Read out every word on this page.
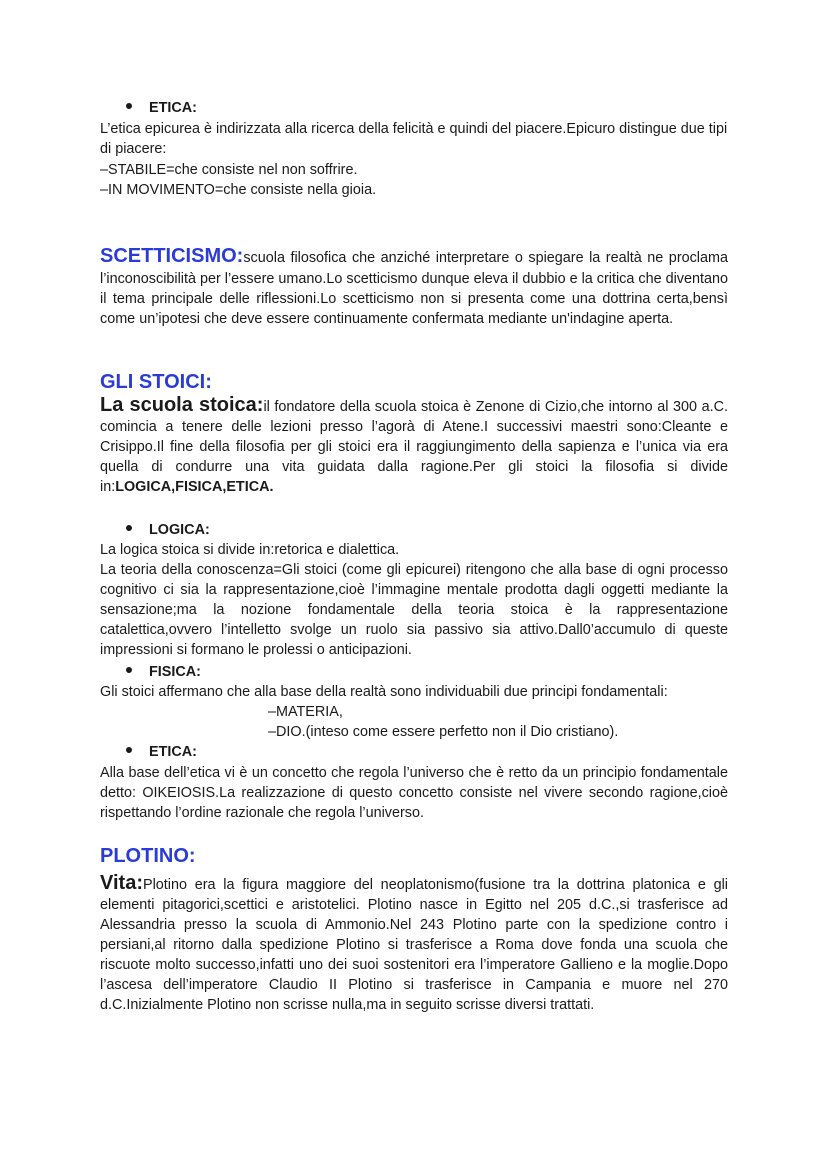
ETICA:
L’etica epicurea è indirizzata alla ricerca della felicità e quindi del piacere.Epicuro distingue due tipi di piacere:
–STABILE=che consiste nel non soffrire.
–IN MOVIMENTO=che consiste nella gioia.
SCETTICISMO:scuola filosofica che anziché interpretare o spiegare la realtà ne proclama l’inconoscibilità per l’essere umano.Lo scetticismo dunque eleva il dubbio e la critica che diventano il tema principale delle riflessioni.Lo scetticismo non si presenta come una dottrina certa,bensì come un’ipotesi che deve essere continuamente confermata mediante un'indagine aperta.
GLI STOICI:
La scuola stoica:il fondatore della scuola stoica è Zenone di Cizio,che intorno al 300 a.C. comincia a tenere delle lezioni presso l’agorà di Atene.I successivi maestri sono:Cleante e Crisippo.Il fine della filosofia per gli stoici era il raggiungimento della sapienza e l’unica via era quella di condurre una vita guidata dalla ragione.Per gli stoici la filosofia si divide in:LOGICA,FISICA,ETICA.
LOGICA:
La logica stoica si divide in:retorica e dialettica.
La teoria della conoscenza=Gli stoici (come gli epicurei) ritengono che alla base di ogni processo cognitivo ci sia la rappresentazione,cioè l’immagine mentale prodotta dagli oggetti mediante la sensazione;ma la nozione fondamentale della teoria stoica è la rappresentazione catalettica,ovvero l’intelletto svolge un ruolo sia passivo sia attivo.Dall0’accumulo di queste impressioni si formano le prolessi o anticipazioni.
FISICA:
Gli stoici affermano che alla base della realtà sono individuabili due principi fondamentali:
–MATERIA,
–DIO.(inteso come essere perfetto non il Dio cristiano).
ETICA:
Alla base dell’etica vi è un concetto che regola l’universo che è retto da un principio fondamentale detto: OIKEIOSIS.La realizzazione di questo concetto consiste nel vivere secondo ragione,cioè rispettando l’ordine razionale che regola l’universo.
PLOTINO:
Vita:Plotino era la figura maggiore del neoplatonismo(fusione tra la dottrina platonica e gli elementi pitagorici,scettici e aristotelici. Plotino nasce in Egitto nel 205 d.C.,si trasferisce ad Alessandria presso la scuola di Ammonio.Nel 243 Plotino parte con la spedizione contro i persiani,al ritorno dalla spedizione Plotino si trasferisce a Roma dove fonda una scuola che riscuote molto successo,infatti uno dei suoi sostenitori era l’imperatore Gallieno e la moglie.Dopo l’ascesa dell’imperatore Claudio II Plotino si trasferisce in Campania e muore nel 270 d.C.Inizialmente Plotino non scrisse nulla,ma in seguito scrisse diversi trattati.
